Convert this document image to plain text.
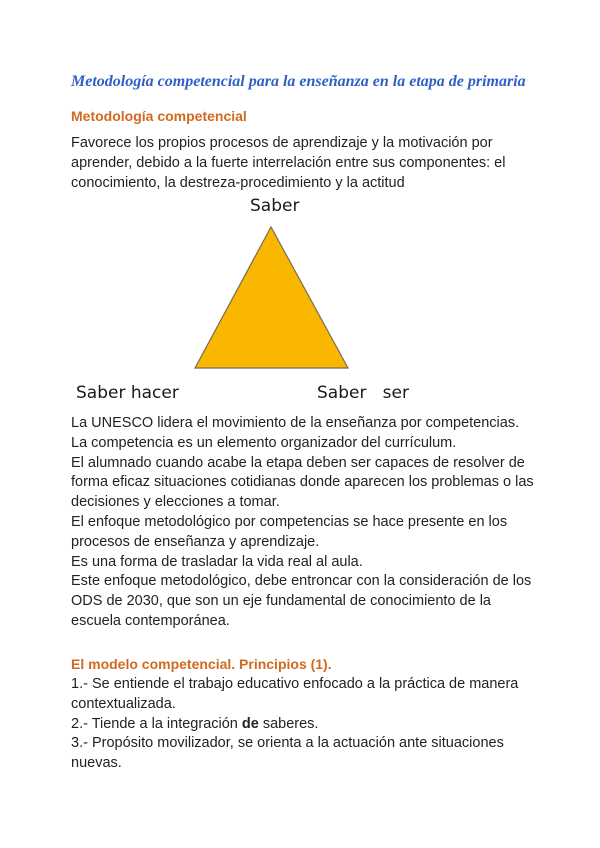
Metodología competencial para la enseñanza en la etapa de primaria
Metodología competencial

Favorece los propios procesos de aprendizaje y la motivación por aprender, debido a la fuerte interrelación entre sus componentes: el conocimiento, la destreza-procedimiento y la actitud

Saber
Saber hacer	Saber   ser

La UNESCO lidera el movimiento de la enseñanza por competencias.

La competencia es un elemento organizador del currículum.

El alumnado cuando acabe la etapa deben ser capaces de resolver de forma eficaz situaciones cotidianas donde aparecen los problemas o las decisiones y elecciones a tomar.

El enfoque metodológico por competencias se hace presente en los procesos de enseñanza y aprendizaje.

Es una forma de trasladar la vida real al aula.

Este enfoque metodológico, debe entroncar con la consideración de los ODS de 2030, que son un eje fundamental de conocimiento de la escuela contemporánea.

El modelo competencial. Principios (1).

1.- Se entiende el trabajo educativo enfocado a la práctica de manera contextualizada.

2.- Tiende a la integración de saberes.

3.- Propósito movilizador, se orienta a la actuación ante situaciones nuevas.
